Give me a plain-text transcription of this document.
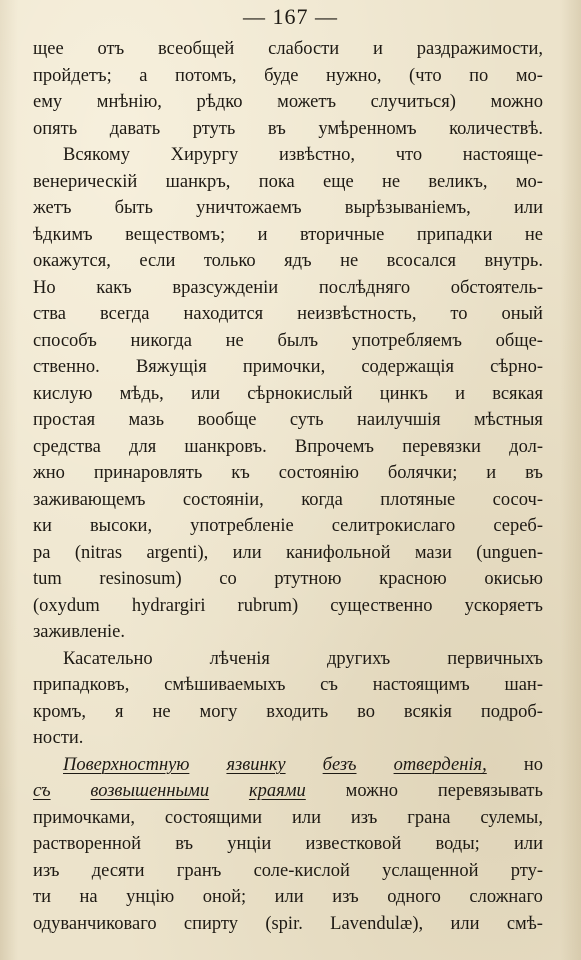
— 167 —
щее отъ всеобщей слабости и раздражимости,
пройдетъ; а потомъ, буде нужно, (что по мо-
ему мнѣнію, рѣдко можетъ случиться) можно
опять давать ртуть въ умѣренномъ количествѣ.
Всякому Хирургу извѣстно, что настояще-
венерическій шанкръ, пока еще не великъ, мо-
жетъ быть уничтожаемъ вырѣзываніемъ, или
ѣдкимъ веществомъ; и вторичные припадки не
окажутся, если только ядъ не всосался внутрь.
Но какъ вразсужденіи послѣдняго обстоятель-
ства всегда находится неизвѣстность, то оный
способъ никогда не былъ употребляемъ обще-
ственно. Вяжущія примочки, содержащія сѣрно-
кислую мѣдь, или сѣрнокислый цинкъ и всякая
простая мазь вообще суть наилучшія мѣстныя
средства для шанкровъ. Впрочемъ перевязки дол-
жно принаровлять къ состоянію болячки; и въ
заживающемъ состояніи, когда плотяные сосоч-
ки высоки, употребленіе селитрокислаго сереб-
ра (nitras argenti), или канифольной мази (unguen-
tum resinosum) со ртутною красною окисью
(oxydum hydrargiri rubrum) существенно ускоряетъ
заживленіе.
Касательно	лѣченія	другихъ	первичныхъ
припадковъ, смѣшиваемыхъ съ настоящимъ шан-
кромъ, я не могу входить во всякія подроб-
ности.
Поверхностную язвинку безъ отверденія, но
съ возвышенными краями можно перевязывать
примочками, состоящими или изъ грана сулемы,
растворенной въ унціи известковой воды; или
изъ десяти гранъ соле-кислой услащенной рту-
ти на унцію оной; или изъ одного сложнаго
одуванчиковаго спирту (spir. Lavendulæ), или смѣ-
